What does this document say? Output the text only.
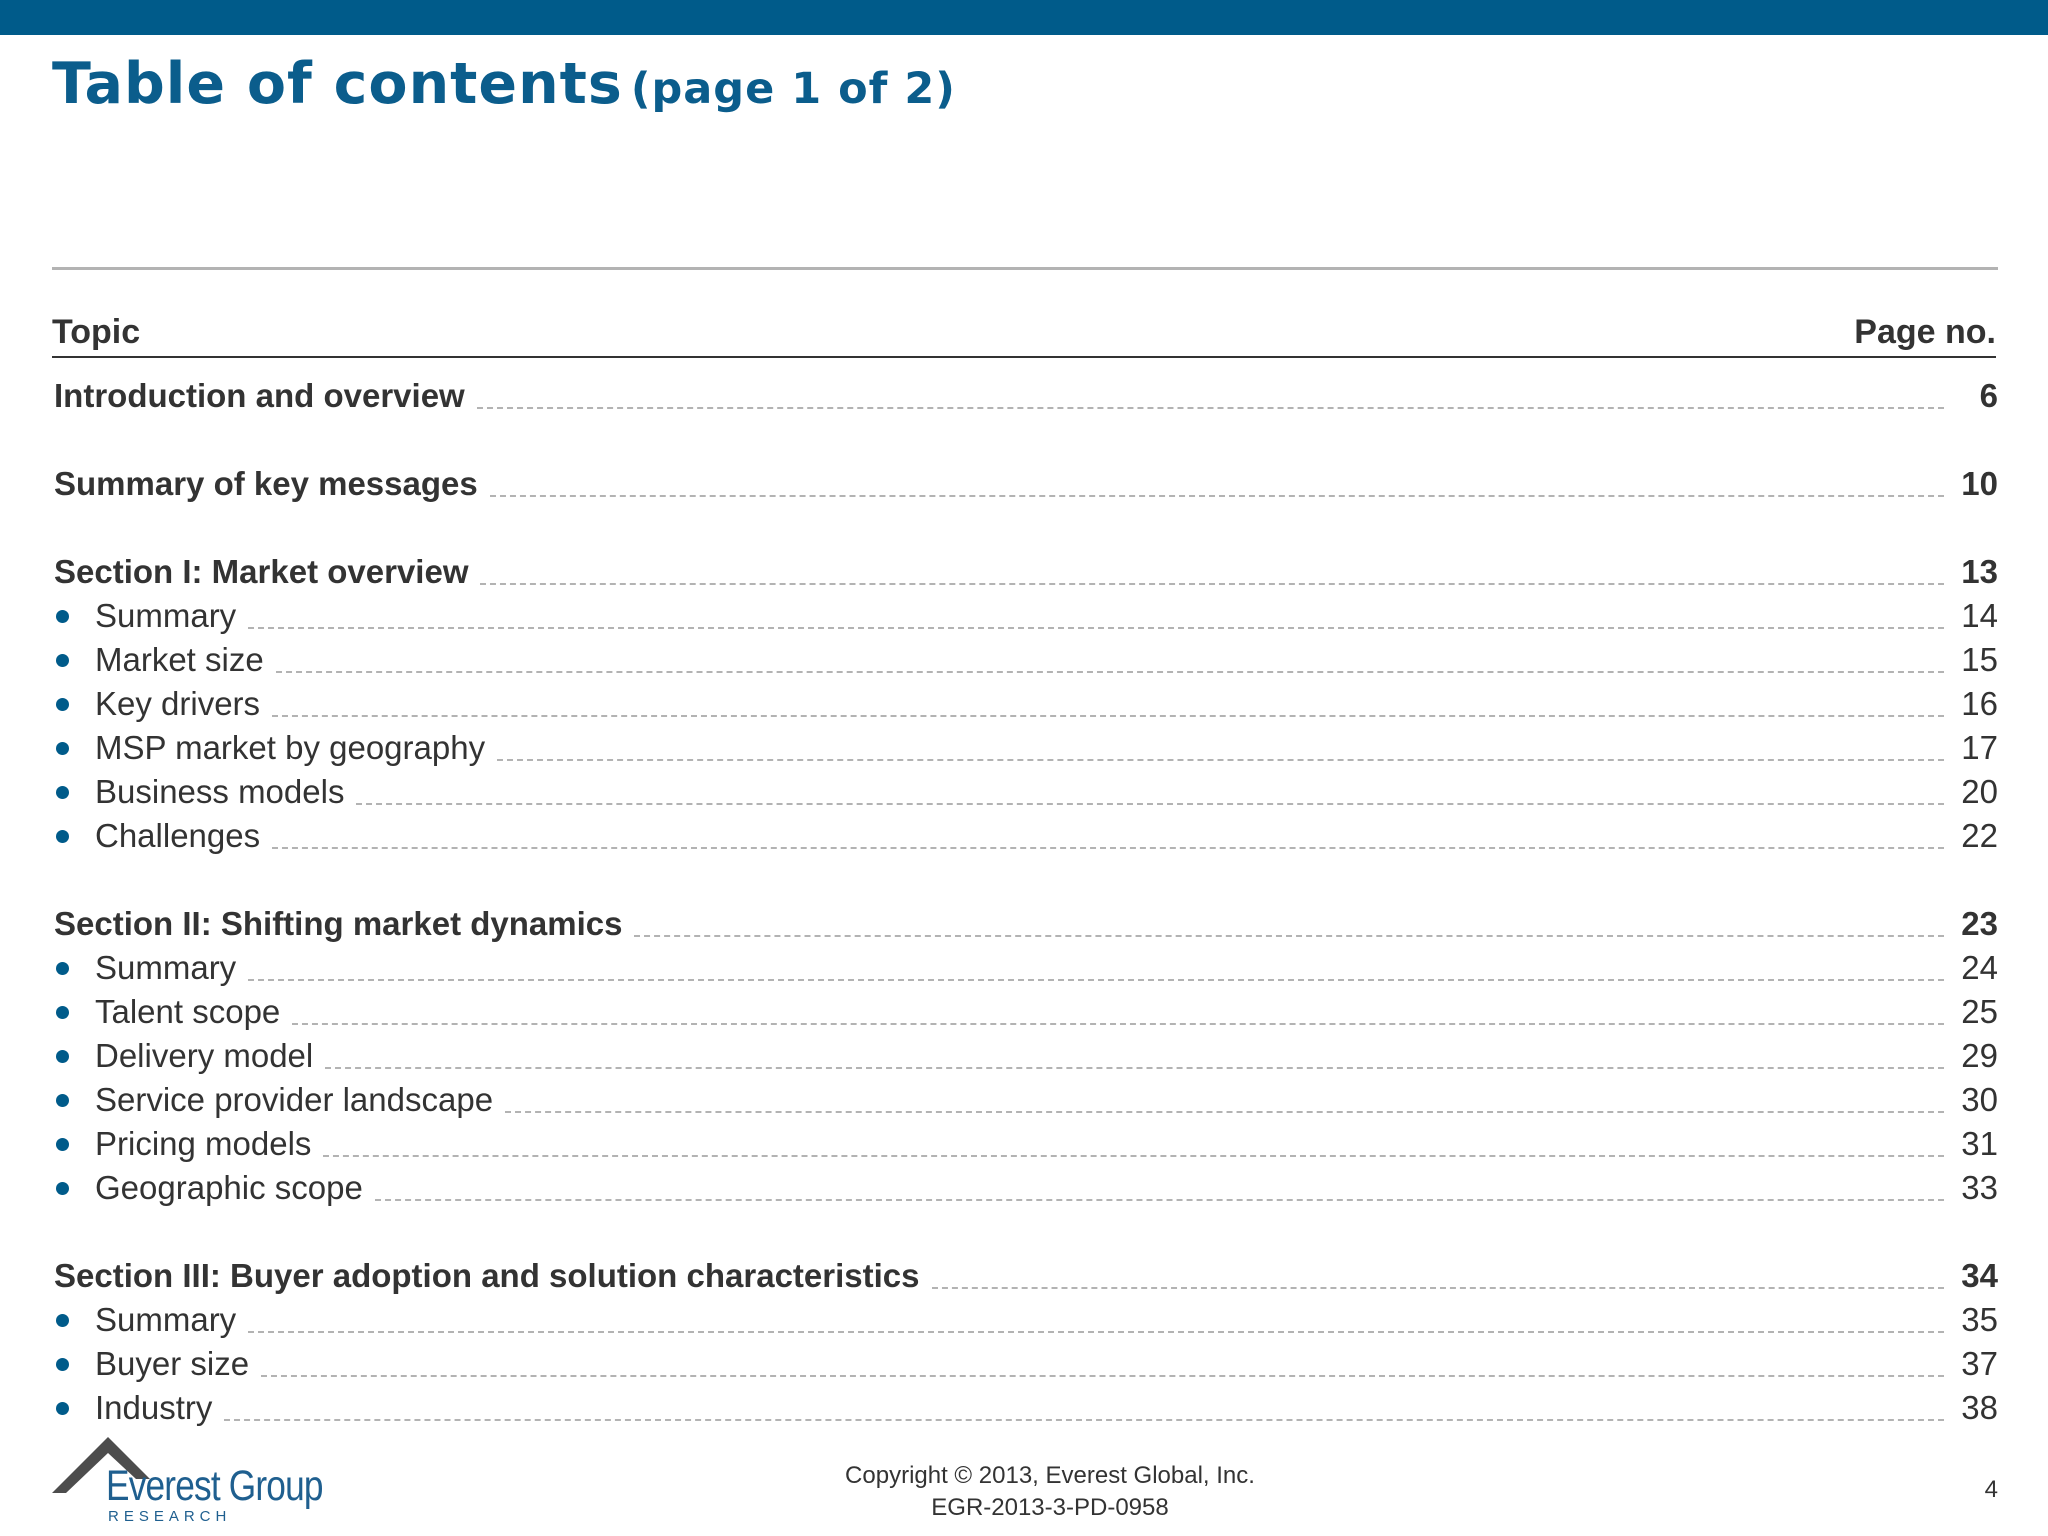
Table of contents (page 1 of 2)
Topic	Page no.
Introduction and overview	6
Summary of key messages	10
Section I: Market overview	13
Summary	14
Market size	15
Key drivers	16
MSP market by geography	17
Business models	20
Challenges	22
Section II: Shifting market dynamics	23
Summary	24
Talent scope	25
Delivery model	29
Service provider landscape	30
Pricing models	31
Geographic scope	33
Section III: Buyer adoption and solution characteristics	34
Summary	35
Buyer size	37
Industry	38
Everest Group
RESEARCH
Copyright © 2013, Everest Global, Inc.
EGR-2013-3-PD-0958
4
